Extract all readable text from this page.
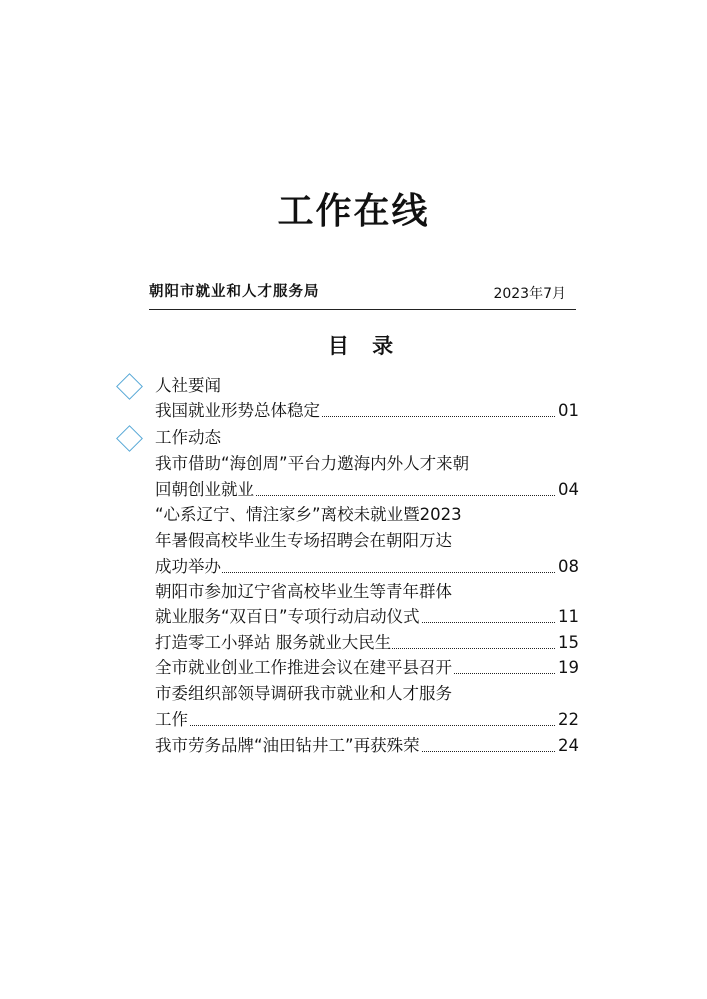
工作在线
朝阳市就业和人才服务局	2023年7月
目 录
人社要闻
我国就业形势总体稳定	01
工作动态
我市借助“海创周”平台力邀海内外人才来朝
回朝创业就业	04
“心系辽宁、情注家乡”离校未就业暨2023
年暑假高校毕业生专场招聘会在朝阳万达
成功举办	08
朝阳市参加辽宁省高校毕业生等青年群体
就业服务“双百日”专项行动启动仪式	11
打造零工小驿站 服务就业大民生	15
全市就业创业工作推进会议在建平县召开	19
市委组织部领导调研我市就业和人才服务
工作	22
我市劳务品牌“油田钻井工”再获殊荣	24
